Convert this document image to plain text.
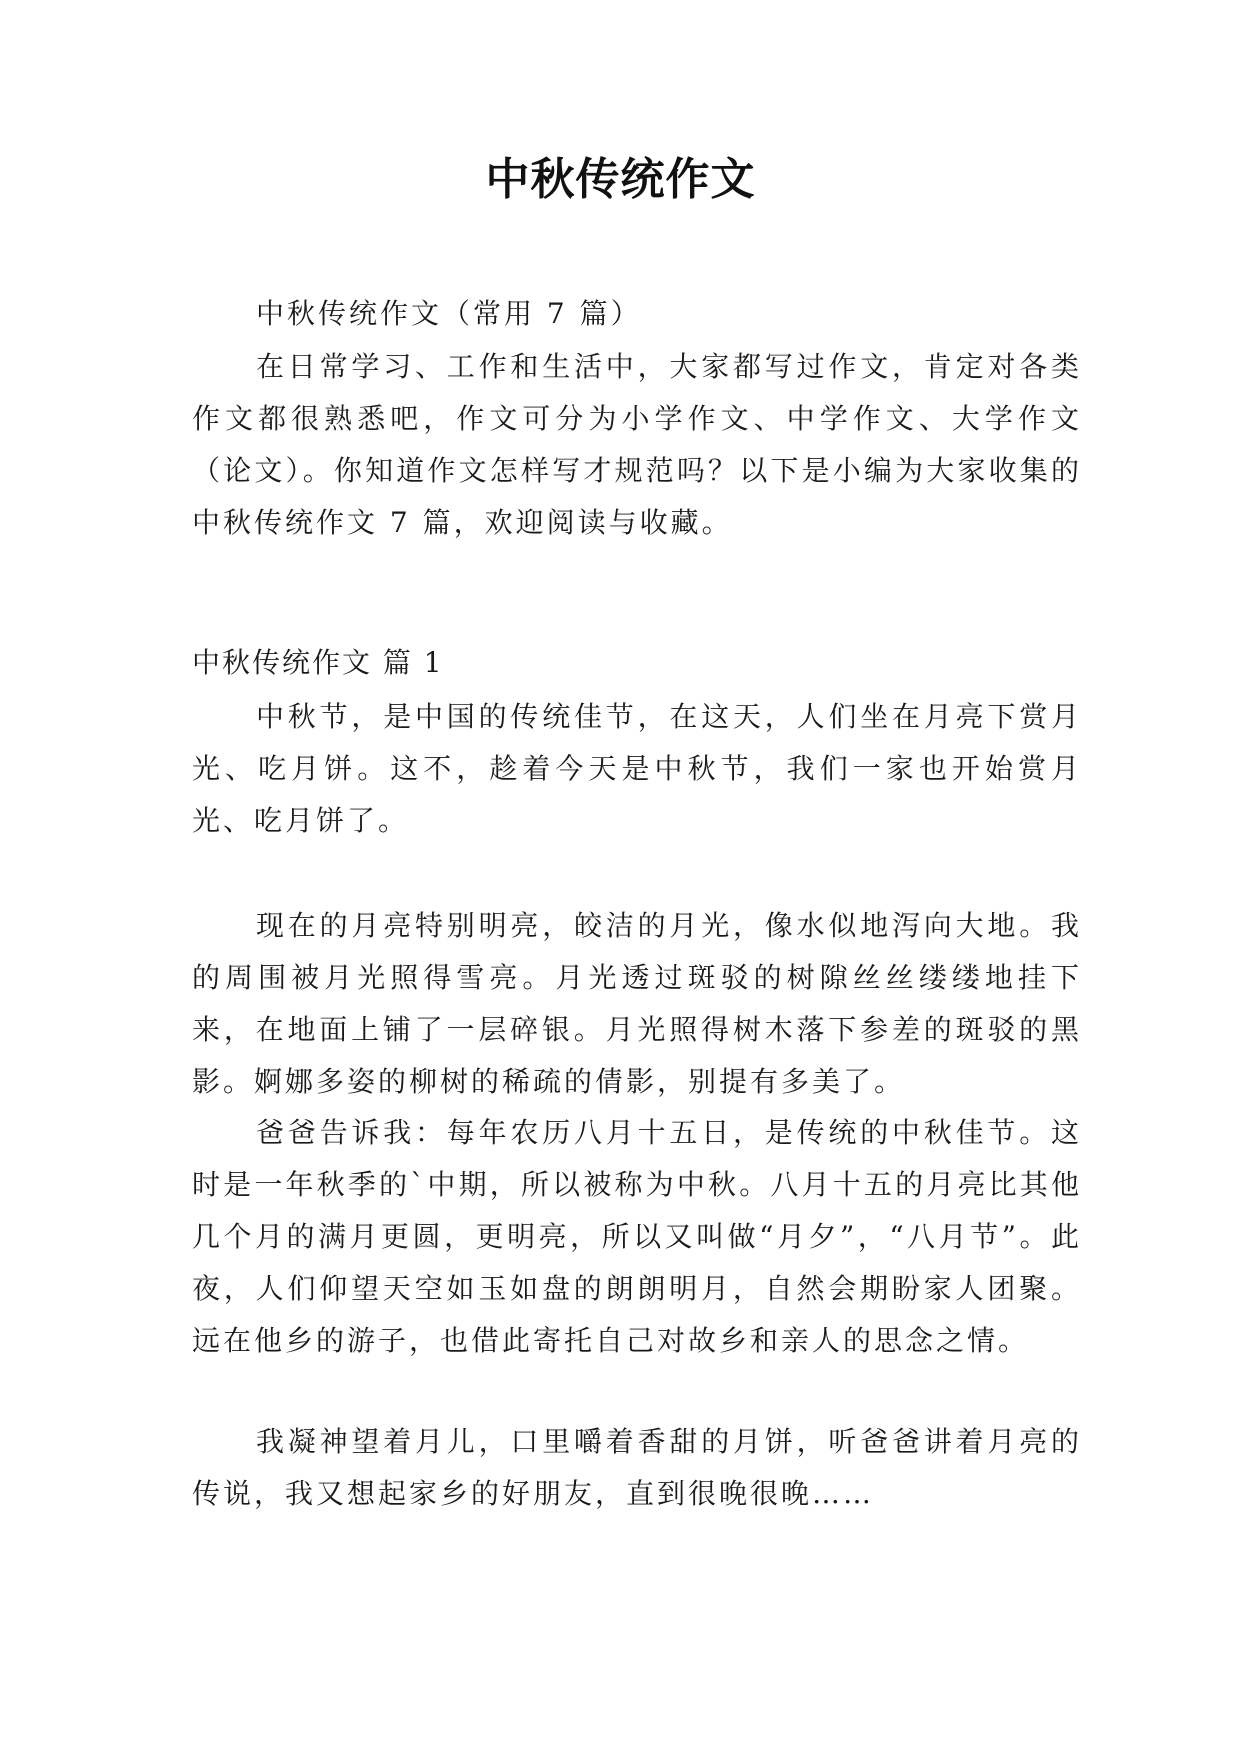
中秋传统作文

中秋传统作文（常用 7 篇）

在日常学习、工作和生活中，大家都写过作文，肯定对各类作文都很熟悉吧，作文可分为小学作文、中学作文、大学作文（论文）。你知道作文怎样写才规范吗？以下是小编为大家收集的中秋传统作文 7 篇，欢迎阅读与收藏。

中秋传统作文 篇 1

中秋节，是中国的传统佳节，在这天，人们坐在月亮下赏月光、吃月饼。这不，趁着今天是中秋节，我们一家也开始赏月光、吃月饼了。

现在的月亮特别明亮，皎洁的月光，像水似地泻向大地。我的周围被月光照得雪亮。月光透过斑驳的树隙丝丝缕缕地挂下来，在地面上铺了一层碎银。月光照得树木落下参差的斑驳的黑影。婀娜多姿的柳树的稀疏的倩影，别提有多美了。

爸爸告诉我：每年农历八月十五日，是传统的中秋佳节。这时是一年秋季的`中期，所以被称为中秋。八月十五的月亮比其他几个月的满月更圆，更明亮，所以又叫做“月夕”，“八月节”。此夜，人们仰望天空如玉如盘的朗朗明月，自然会期盼家人团聚。远在他乡的游子，也借此寄托自己对故乡和亲人的思念之情。

我凝神望着月儿，口里嚼着香甜的月饼，听爸爸讲着月亮的传说，我又想起家乡的好朋友，直到很晚很晚……
